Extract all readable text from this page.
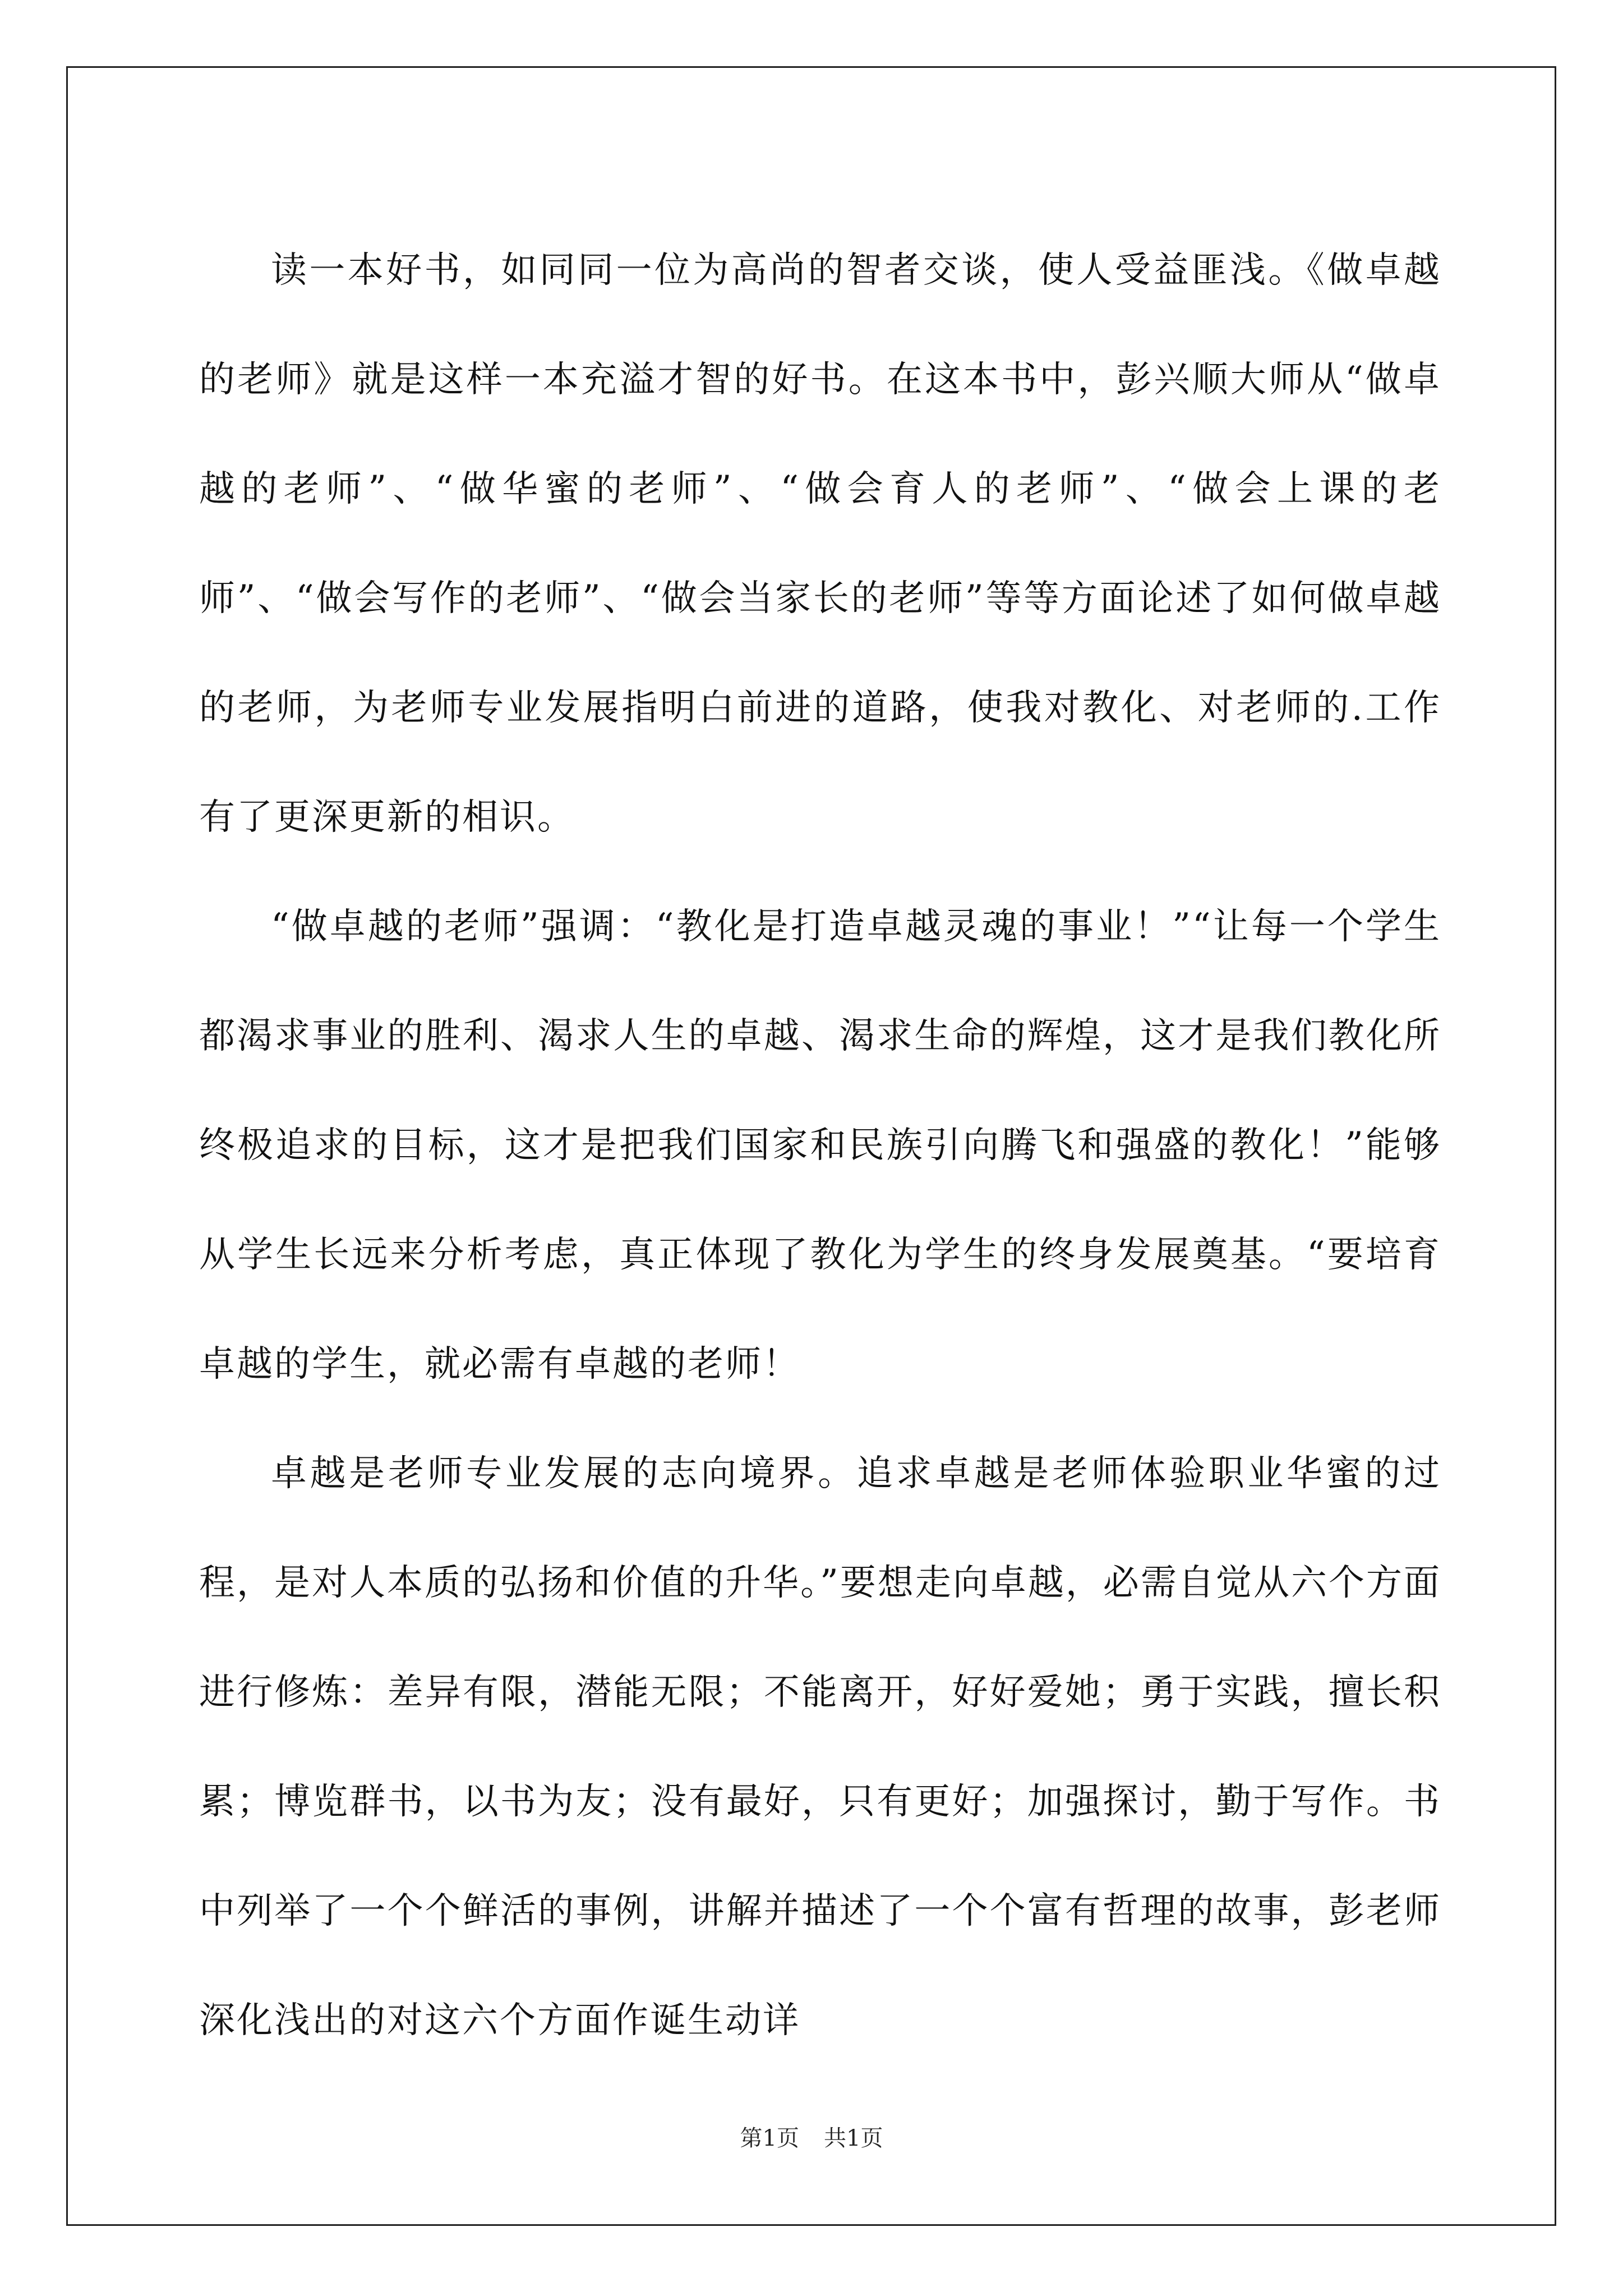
读一本好书，如同同一位为高尚的智者交谈，使人受益匪浅。《做卓越的老师》就是这样一本充溢才智的好书。在这本书中，彭兴顺大师从“做卓越的老师”、“做华蜜的老师”、“做会育人的老师”、“做会上课的老师”、“做会写作的老师”、“做会当家长的老师”等等方面论述了如何做卓越的老师，为老师专业发展指明白前进的道路，使我对教化、对老师的.工作有了更深更新的相识。

“做卓越的老师”强调：“教化是打造卓越灵魂的事业！”“让每一个学生都渴求事业的胜利、渴求人生的卓越、渴求生命的辉煌，这才是我们教化所终极追求的目标，这才是把我们国家和民族引向腾飞和强盛的教化！”能够从学生长远来分析考虑，真正体现了教化为学生的终身发展奠基。“要培育卓越的学生，就必需有卓越的老师！

卓越是老师专业发展的志向境界。追求卓越是老师体验职业华蜜的过程，是对人本质的弘扬和价值的升华。”要想走向卓越，必需自觉从六个方面进行修炼：差异有限，潜能无限；不能离开，好好爱她；勇于实践，擅长积累；博览群书，以书为友；没有最好，只有更好；加强探讨，勤于写作。书中列举了一个个鲜活的事例，讲解并描述了一个个富有哲理的故事，彭老师深化浅出的对这六个方面作诞生动详

第1页 共1页
